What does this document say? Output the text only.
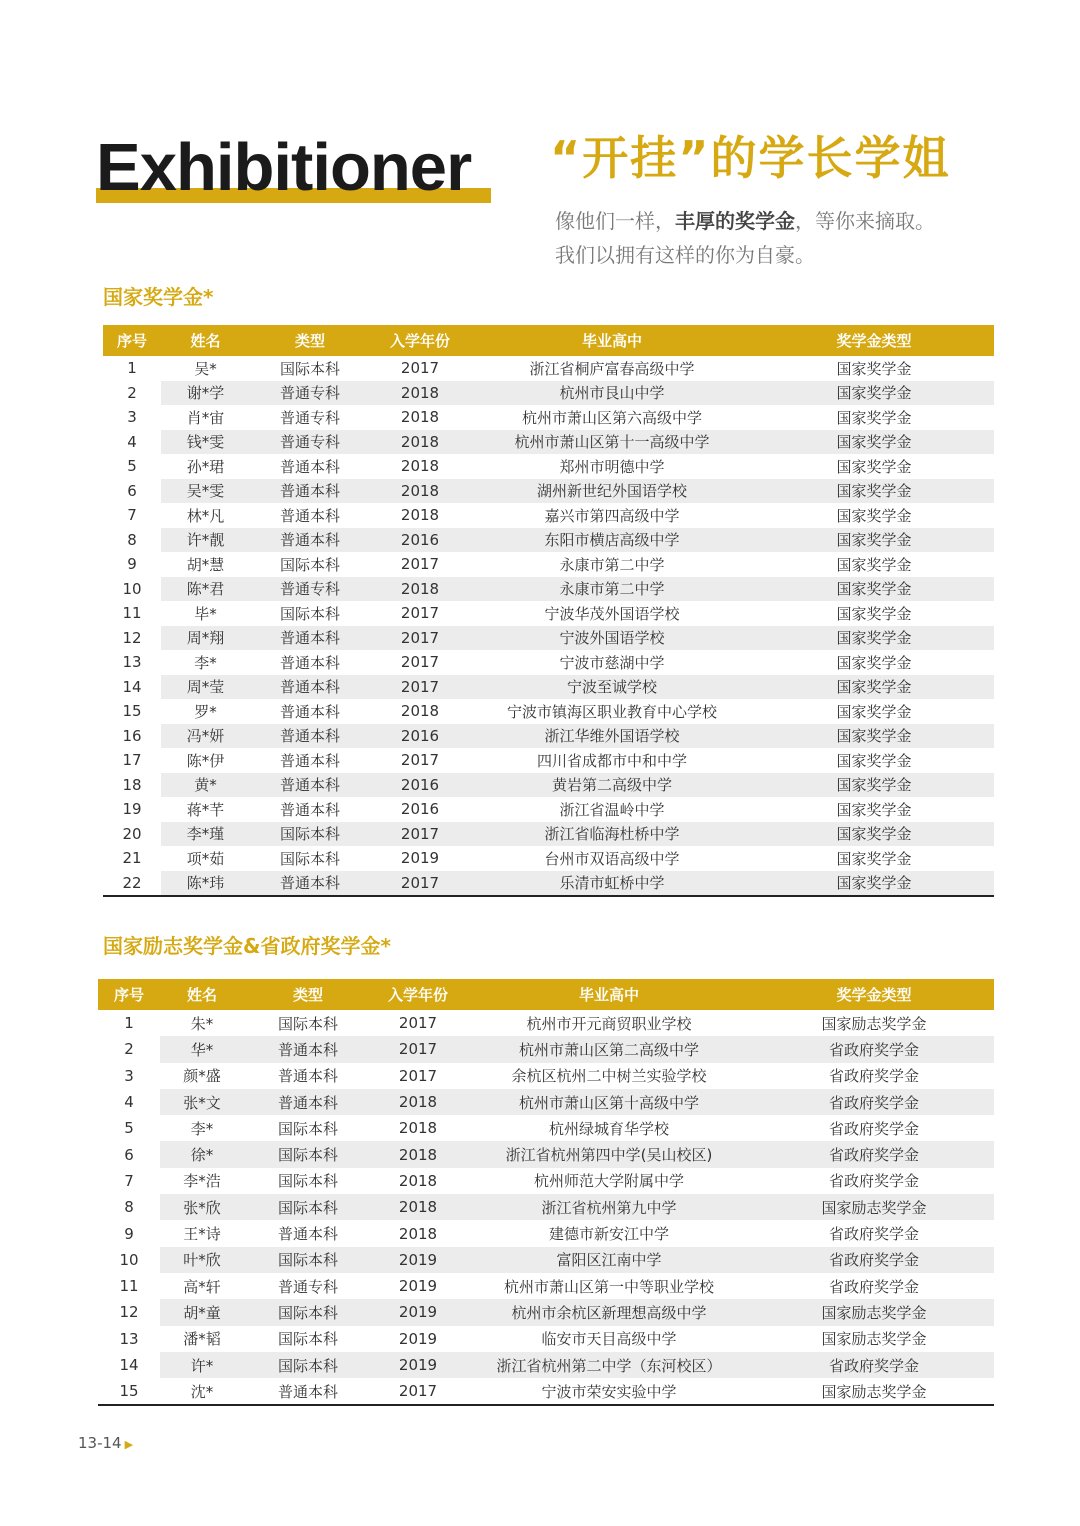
Exhibitioner “开挂”的学长学姐
像他们一样，丰厚的奖学金，等你来摘取。
我们以拥有这样的你为自豪。
国家奖学金*
序号	姓名	类型	入学年份	毕业高中	奖学金类型
1	吴*	国际本科	2017	浙江省桐庐富春高级中学	国家奖学金
2	谢*学	普通专科	2018	杭州市艮山中学	国家奖学金
3	肖*宙	普通专科	2018	杭州市萧山区第六高级中学	国家奖学金
4	钱*雯	普通专科	2018	杭州市萧山区第十一高级中学	国家奖学金
5	孙*珺	普通本科	2018	郑州市明德中学	国家奖学金
6	吴*雯	普通本科	2018	湖州新世纪外国语学校	国家奖学金
7	林*凡	普通本科	2018	嘉兴市第四高级中学	国家奖学金
8	许*靓	普通本科	2016	东阳市横店高级中学	国家奖学金
9	胡*慧	国际本科	2017	永康市第二中学	国家奖学金
10	陈*君	普通专科	2018	永康市第二中学	国家奖学金
11	毕*	国际本科	2017	宁波华茂外国语学校	国家奖学金
12	周*翔	普通本科	2017	宁波外国语学校	国家奖学金
13	李*	普通本科	2017	宁波市慈湖中学	国家奖学金
14	周*莹	普通本科	2017	宁波至诚学校	国家奖学金
15	罗*	普通本科	2018	宁波市镇海区职业教育中心学校	国家奖学金
16	冯*妍	普通本科	2016	浙江华维外国语学校	国家奖学金
17	陈*伊	普通本科	2017	四川省成都市中和中学	国家奖学金
18	黄*	普通本科	2016	黄岩第二高级中学	国家奖学金
19	蒋*芊	普通本科	2016	浙江省温岭中学	国家奖学金
20	李*瑾	国际本科	2017	浙江省临海杜桥中学	国家奖学金
21	项*茹	国际本科	2019	台州市双语高级中学	国家奖学金
22	陈*玮	普通本科	2017	乐清市虹桥中学	国家奖学金
国家励志奖学金&省政府奖学金*
序号	姓名	类型	入学年份	毕业高中	奖学金类型
1	朱*	国际本科	2017	杭州市开元商贸职业学校	国家励志奖学金
2	华*	普通本科	2017	杭州市萧山区第二高级中学	省政府奖学金
3	颜*盛	普通本科	2017	余杭区杭州二中树兰实验学校	省政府奖学金
4	张*文	普通本科	2018	杭州市萧山区第十高级中学	省政府奖学金
5	李*	国际本科	2018	杭州绿城育华学校	省政府奖学金
6	徐*	国际本科	2018	浙江省杭州第四中学(吴山校区)	省政府奖学金
7	李*浩	国际本科	2018	杭州师范大学附属中学	省政府奖学金
8	张*欣	国际本科	2018	浙江省杭州第九中学	国家励志奖学金
9	王*诗	普通本科	2018	建德市新安江中学	省政府奖学金
10	叶*欣	国际本科	2019	富阳区江南中学	省政府奖学金
11	高*轩	普通专科	2019	杭州市萧山区第一中等职业学校	省政府奖学金
12	胡*童	国际本科	2019	杭州市余杭区新理想高级中学	国家励志奖学金
13	潘*韬	国际本科	2019	临安市天目高级中学	国家励志奖学金
14	许*	国际本科	2019	浙江省杭州第二中学（东河校区）	省政府奖学金
15	沈*	普通本科	2017	宁波市荣安实验中学	国家励志奖学金
13-14 ▶
